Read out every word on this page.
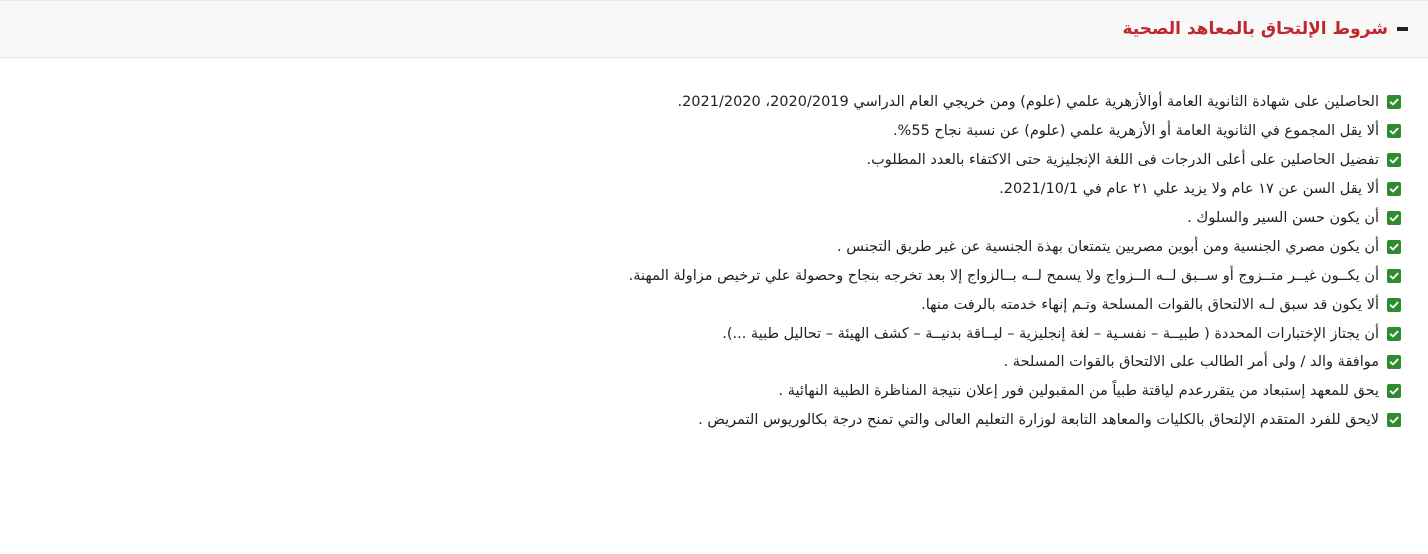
شروط الإلتحاق بالمعاهد الصحية
الحاصلين على شهادة الثانوية العامة أوالأزهرية علمي (علوم) ومن خريجي العام الدراسي 2020/2019، 2021/2020.
ألا يقل المجموع في الثانوية العامة أو الأزهرية علمي (علوم) عن نسبة نجاح 55%.
تفضيل الحاصلين على أعلى الدرجات فى اللغة الإنجليزية حتى الاكتفاء بالعدد المطلوب.
ألا يقل السن عن ١٧ عام ولا يزيد علي ٢١ عام في 2021/10/1.
أن يكون حسن السير والسلوك .
أن يكون مصري الجنسية ومن أبوين مصريين يتمتعان بهذة الجنسية عن غير طريق التجنس .
أن يكــون غيــر متــزوج أو ســبق لــه الــزواج ولا يسمح لــه بــالزواج إلا بعد تخرجه بنجاح وحصولة علي ترخيص مزاولة المهنة.
ألا يكون قد سبق لـه الالتحاق بالقوات المسلحة وتـم إنهاء خدمته بالرفت منها.
أن يجتاز الإختبارات المحددة ( طبيــة – نفسـية – لغة إنجليزية – ليــاقة بدنيــة – كشف الهيئة – تحاليل طبية ...).
موافقة والد / ولى أمر الطالب على الالتحاق بالقوات المسلحة .
يحق للمعهد إستبعاد من يتقررعدم لياقتة طبياً من المقبولين فور إعلان نتيجة المناظرة الطبية النهائية .
لايحق للفرد المتقدم الإلتحاق بالكليات والمعاهد التابعة لوزارة التعليم العالى والتي تمنح درجة بكالوريوس التمريض .
